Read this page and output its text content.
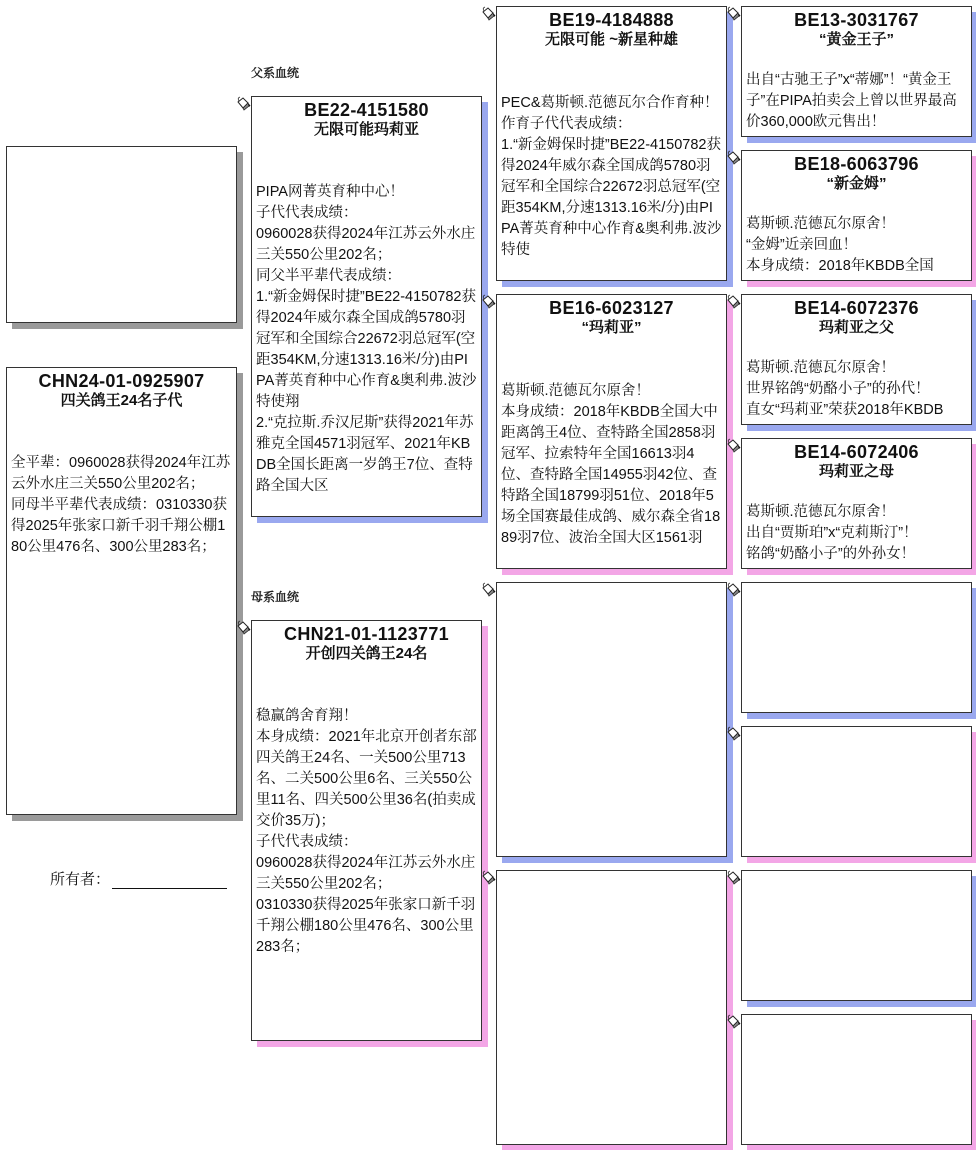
CHN24-01-0925907
四关鸽王24名子代
全平辈：0960028获得2024年江苏云外水庄三关550公里202名；
同母半平辈代表成绩：0310330获得2025年张家口新千羽千翔公棚180公里476名、300公里283名；
所有者：
父系血统
母系血统
BE22-4151580
无限可能玛莉亚
PIPA网菁英育种中心！
子代代表成绩：
0960028获得2024年江苏云外水庄三关550公里202名；
同父半平辈代表成绩：
1.“新金姆保时捷”BE22-4150782获得2024年威尔森全国成鸽5780羽冠军和全国综合22672羽总冠军(空距354KM,分速1313.16米/分)由PIPA菁英育种中心作育&奥利弗.波沙特使翔
2.“克拉斯.乔汉尼斯”获得2021年苏雅克全国4571羽冠军、2021年KBDB全国长距离一岁鸽王7位、查特路全国大区
CHN21-01-1123771
开创四关鸽王24名
稳赢鸽舍育翔！
本身成绩：2021年北京开创者东部四关鸽王24名、一关500公里713名、二关500公里6名、三关550公里11名、四关500公里36名(拍卖成交价35万)；
子代代表成绩：
0960028获得2024年江苏云外水庄三关550公里202名；
0310330获得2025年张家口新千羽千翔公棚180公里476名、300公里283名；
BE19-4184888
无限可能 ~新星种雄
PEC&葛斯顿.范德瓦尔合作育种！
作育子代代表成绩：
1.“新金姆保时捷”BE22-4150782获得2024年威尔森全国成鸽5780羽冠军和全国综合22672羽总冠军(空距354KM,分速1313.16米/分)由PIPA菁英育种中心作育&奥利弗.波沙特使
BE16-6023127
“玛莉亚”
葛斯顿.范德瓦尔原舍！
本身成绩：2018年KBDB全国大中距离鸽王4位、查特路全国2858羽冠军、拉索特年全国16613羽4位、查特路全国14955羽42位、查特路全国18799羽51位、2018年5场全国赛最佳成鸽、威尔森全省1889羽7位、波治全国大区1561羽
BE13-3031767
“黄金王子”
出自“古驰王子”x“蒂娜”！“黄金王子”在PIPA拍卖会上曾以世界最高价360,000欧元售出！
BE18-6063796
“新金姆”
葛斯顿.范德瓦尔原舍！
“金姆”近亲回血！
本身成绩：2018年KBDB全国
BE14-6072376
玛莉亚之父
葛斯顿.范德瓦尔原舍！
世界铭鸽“奶酪小子”的孙代！
直女“玛莉亚”荣获2018年KBDB
BE14-6072406
玛莉亚之母
葛斯顿.范德瓦尔原舍！
出自“贾斯珀”x“克莉斯汀”！
铭鸽“奶酪小子”的外孙女！
